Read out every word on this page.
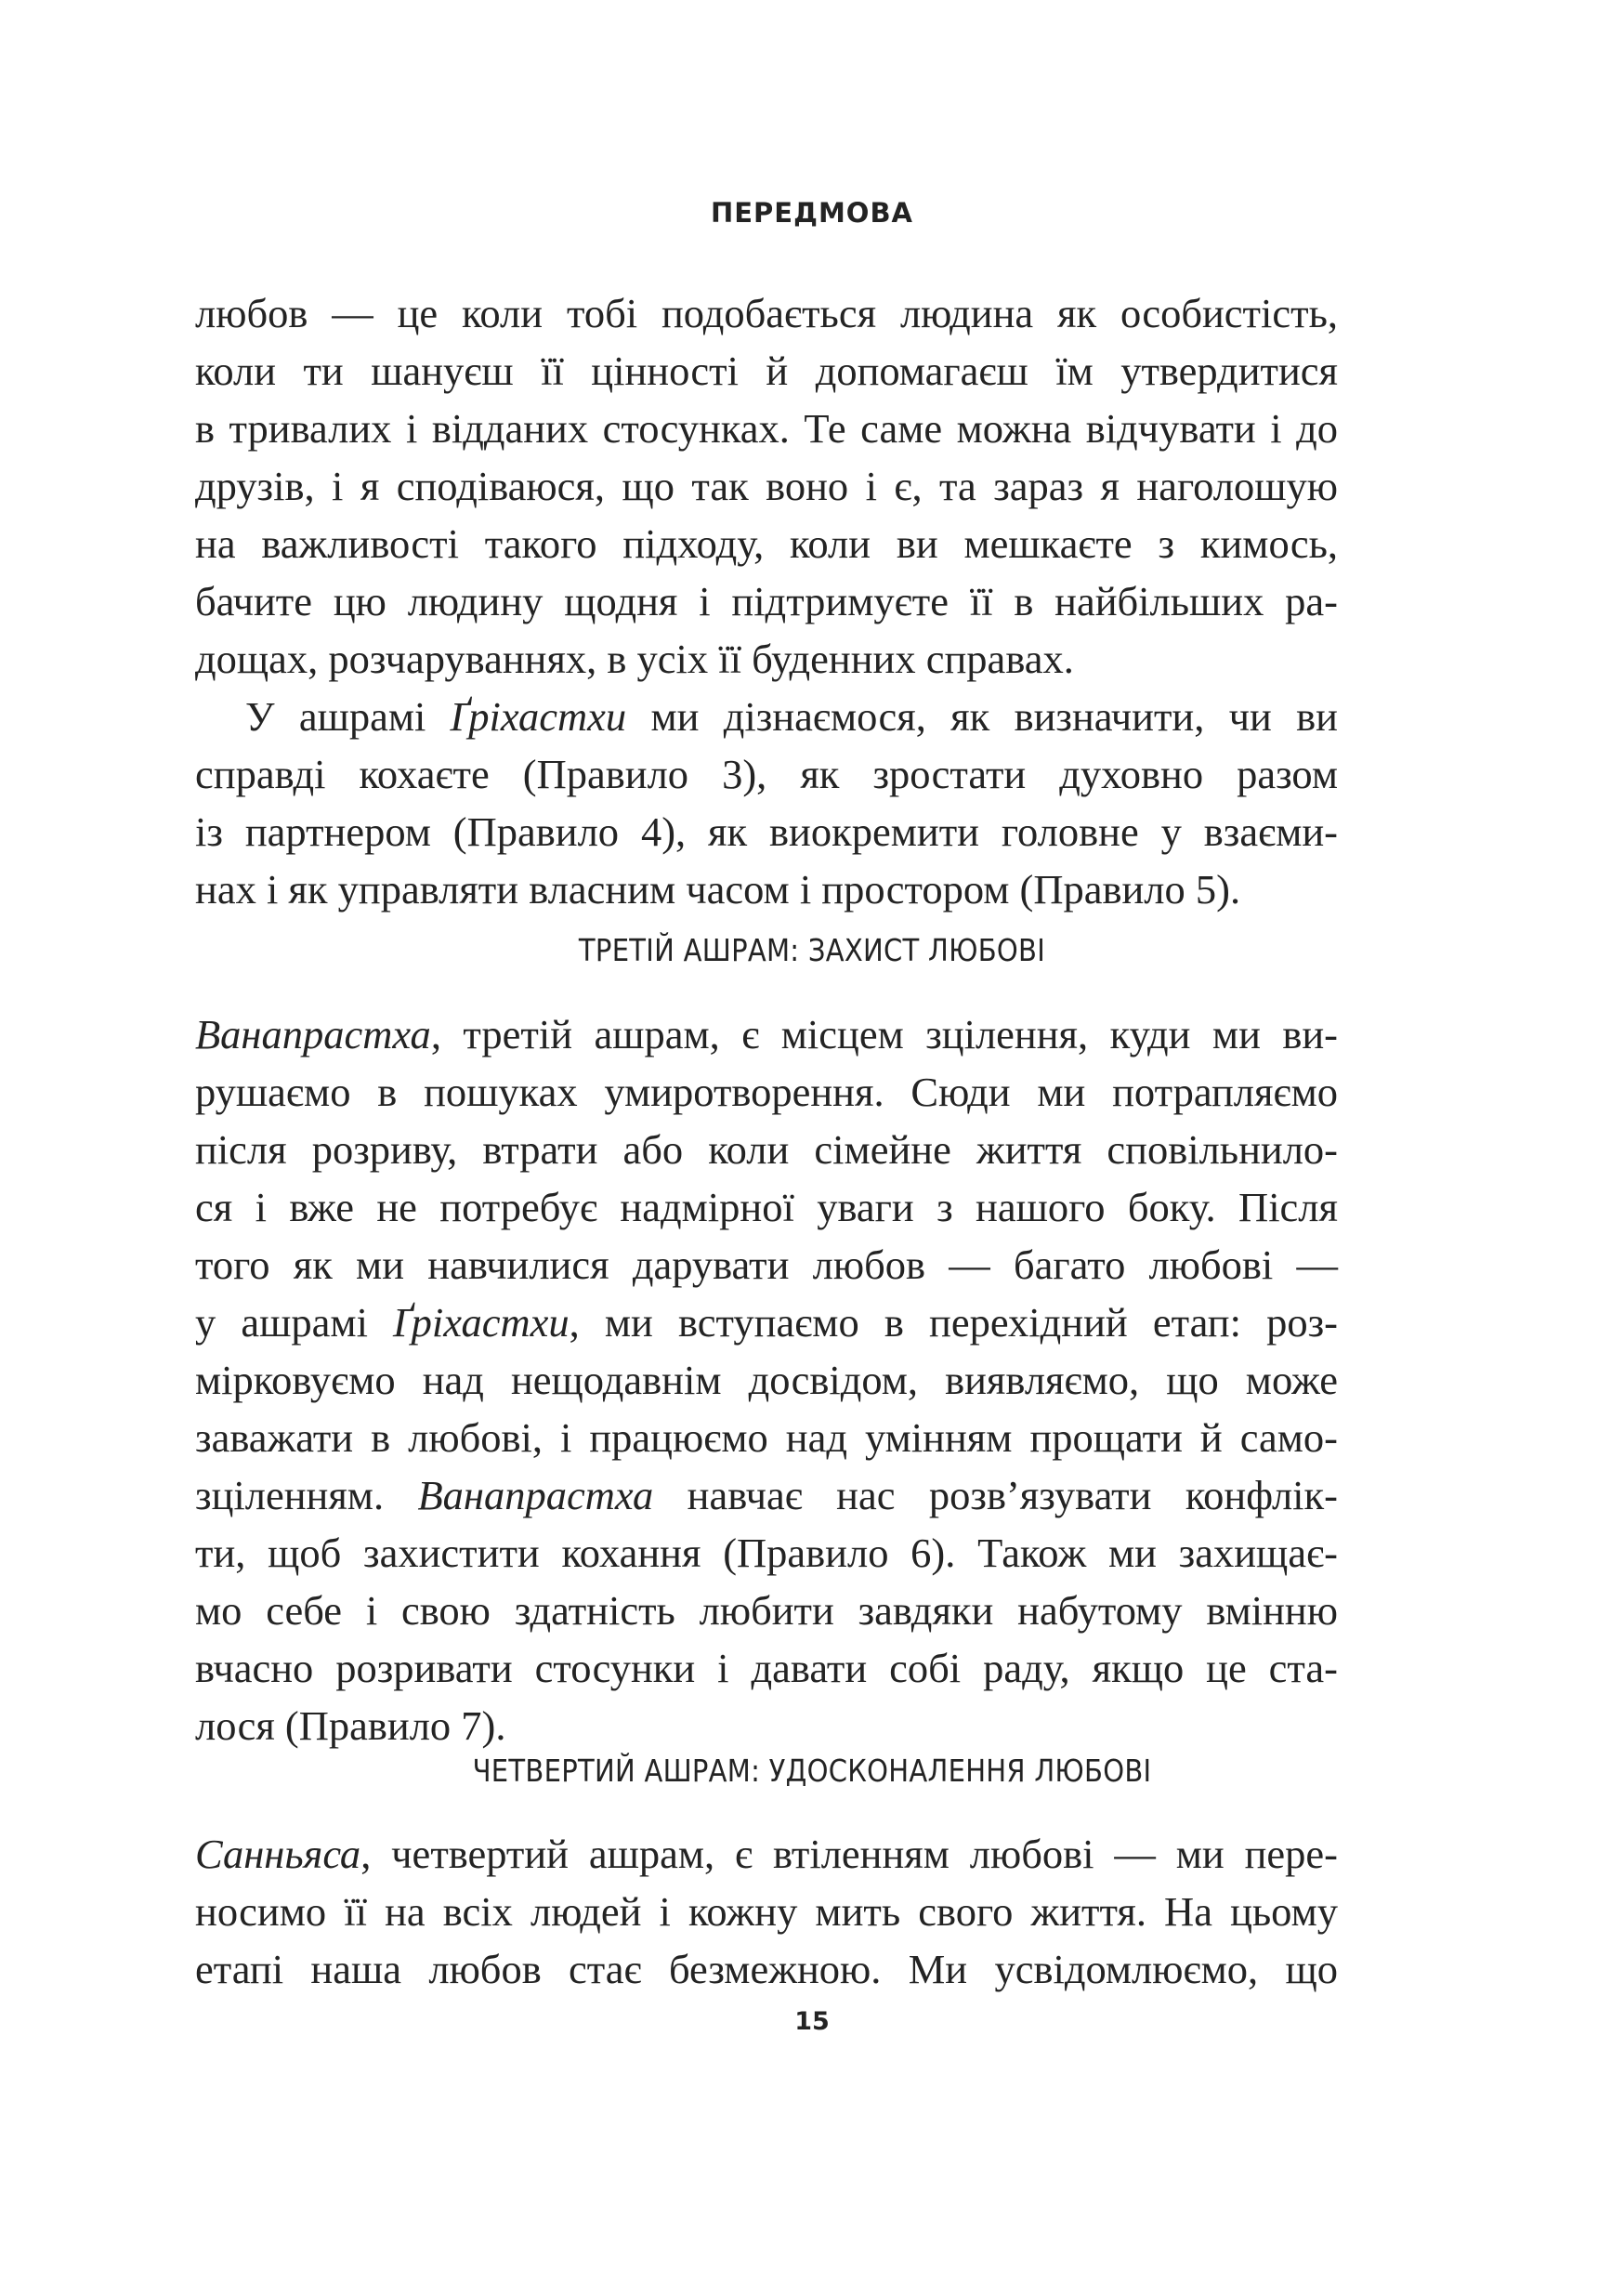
ПЕРЕДМОВА
любов — це коли тобі подобається людина як особистість,
коли ти шануєш її цінності й допомагаєш їм утвердитися
в тривалих і відданих стосунках. Те саме можна відчувати і до
друзів, і я сподіваюся, що так воно і є, та зараз я наголошую
на важливості такого підходу, коли ви мешкаєте з кимось,
бачите цю людину щодня і підтримуєте її в найбільших ра-
дощах, розчаруваннях, в усіх її буденних справах.
У ашрамі Ґріхастхи ми дізнаємося, як визначити, чи ви
справді кохаєте (Правило 3), як зростати духовно разом
із партнером (Правило 4), як виокремити головне у взаєми-
нах і як управляти власним часом і простором (Правило 5).
ТРЕТІЙ АШРАМ: ЗАХИСТ ЛЮБОВІ
Ванапрастха, третій ашрам, є місцем зцілення, куди ми ви-
рушаємо в пошуках умиротворення. Сюди ми потрапляємо
після розриву, втрати або коли сімейне життя сповільнило-
ся і вже не потребує надмірної уваги з нашого боку. Після
того як ми навчилися дарувати любов — багато любові —
у ашрамі Ґріхастхи, ми вступаємо в перехідний етап: роз-
мірковуємо над нещодавнім досвідом, виявляємо, що може
заважати в любові, і працюємо над умінням прощати й само-
зціленням. Ванапрастха навчає нас розв’язувати конфлік-
ти, щоб захистити кохання (Правило 6). Також ми захищає-
мо себе і свою здатність любити завдяки набутому вмінню
вчасно розривати стосунки і давати собі раду, якщо це ста-
лося (Правило 7).
ЧЕТВЕРТИЙ АШРАМ: УДОСКОНАЛЕННЯ ЛЮБОВІ
Санньяса, четвертий ашрам, є втіленням любові — ми пере-
носимо її на всіх людей і кожну мить свого життя. На цьому
етапі наша любов стає безмежною. Ми усвідомлюємо, що
15
